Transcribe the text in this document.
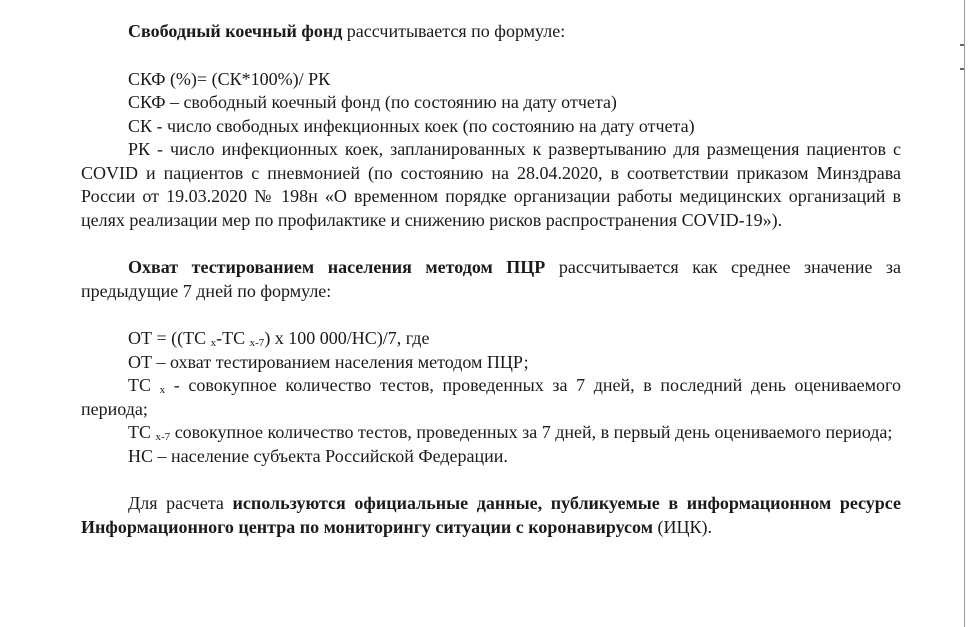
Свободный коечный фонд рассчитывается по формуле:

СКФ (%)= (СК*100%)/ РК
СКФ – свободный коечный фонд (по состоянию на дату отчета)
СК - число свободных инфекционных коек (по состоянию на дату отчета)

РК - число инфекционных коек, запланированных к развертыванию для размещения пациентов с COVID и пациентов с пневмонией (по состоянию на 28.04.2020, в соответствии приказом Минздрава России от 19.03.2020 № 198н «О временном порядке организации работы медицинских организаций в целях реализации мер по профилактике и снижению рисков распространения COVID-19»).

Охват тестированием населения методом ПЦР рассчитывается как среднее значение за предыдущие 7 дней по формуле:

ОТ = ((ТС $_x$-ТС $_{x-7}$) х 100 000/НС)/7, где
ОТ – охват тестированием населения методом ПЦР;

ТС $_x$ - совокупное количество тестов, проведенных за 7 дней, в последний день оцениваемого периода;

ТС $_{x-7}$ совокупное количество тестов, проведенных за 7 дней, в первый день оцениваемого периода;

НС – население субъекта Российской Федерации.

Для расчета используются официальные данные, публикуемые в информационном ресурсе Информационного центра по мониторингу ситуации с коронавирусом (ИЦК).
